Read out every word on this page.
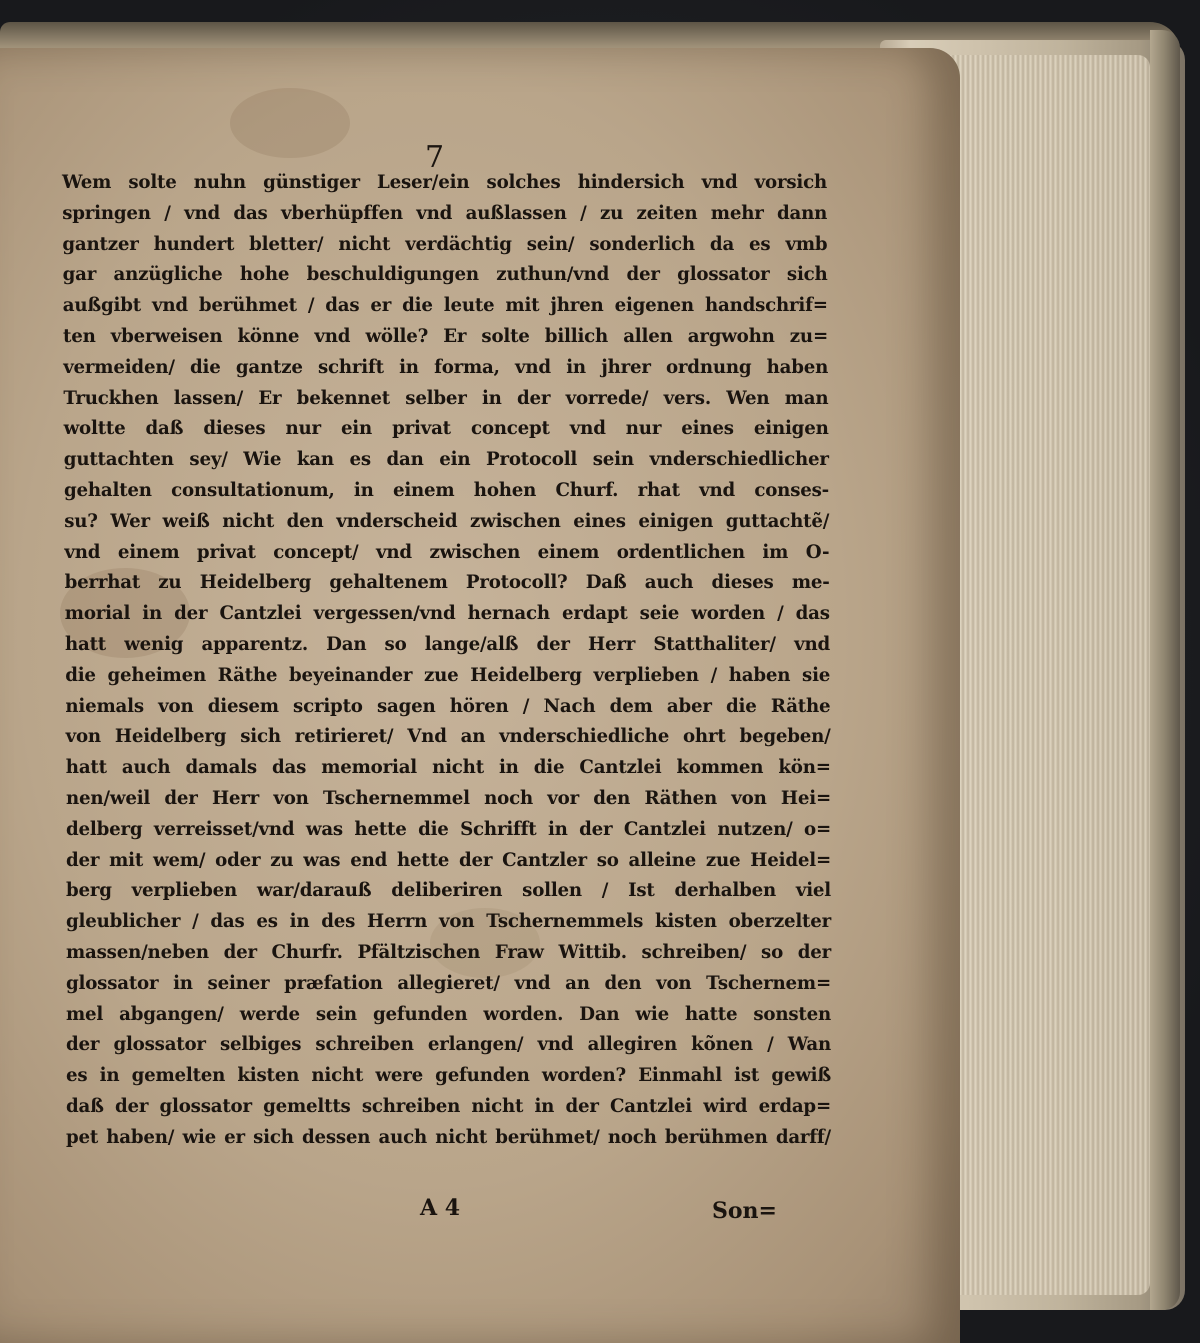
7
Wem solte nuhn günstiger Leser/ein solches hindersich vnd vorsich
springen / vnd das vberhüpffen vnd außlassen / zu zeiten mehr dann
gantzer hundert bletter/ nicht verdächtig sein/ sonderlich da es vmb
gar anzügliche hohe beschuldigungen zuthun/vnd der glossator sich
außgibt vnd berühmet / das er die leute mit jhren eigenen handschrif=
ten vberweisen könne vnd wölle? Er solte billich allen argwohn zu=
vermeiden/ die gantze schrift in forma, vnd in jhrer ordnung haben
Truckhen lassen/ Er bekennet selber in der vorrede/ vers. Wen man
woltte daß dieses nur ein privat concept vnd nur eines einigen
guttachten sey/ Wie kan es dan ein Protocoll sein vnderschiedlicher
gehalten consultationum, in einem hohen Churf. rhat vnd conses-
su? Wer weiß nicht den vnderscheid zwischen eines einigen guttachtẽ/
vnd einem privat concept/ vnd zwischen einem ordentlichen im O-
berrhat zu Heidelberg gehaltenem Protocoll? Daß auch dieses me-
morial in der Cantzlei vergessen/vnd hernach erdapt seie worden / das
hatt wenig apparentz. Dan so lange/alß der Herr Statthaliter/ vnd
die geheimen Räthe beyeinander zue Heidelberg verplieben / haben sie
niemals von diesem scripto sagen hören / Nach dem aber die Räthe
von Heidelberg sich retirieret/ Vnd an vnderschiedliche ohrt begeben/
hatt auch damals das memorial nicht in die Cantzlei kommen kön=
nen/weil der Herr von Tschernemmel noch vor den Räthen von Hei=
delberg verreisset/vnd was hette die Schrifft in der Cantzlei nutzen/ o=
der mit wem/ oder zu was end hette der Cantzler so alleine zue Heidel=
berg verplieben war/darauß deliberiren sollen / Ist derhalben viel
gleublicher / das es in des Herrn von Tschernemmels kisten oberzelter
massen/neben der Churfr. Pfältzischen Fraw Wittib. schreiben/ so der
glossator in seiner præfation allegieret/ vnd an den von Tschernem=
mel abgangen/ werde sein gefunden worden. Dan wie hatte sonsten
der glossator selbiges schreiben erlangen/ vnd allegiren kõnen / Wan
es in gemelten kisten nicht were gefunden worden? Einmahl ist gewiß
daß der glossator gemeltts schreiben nicht in der Cantzlei wird erdap=
pet haben/ wie er sich dessen auch nicht berühmet/ noch berühmen darff/
A 4	Son=
